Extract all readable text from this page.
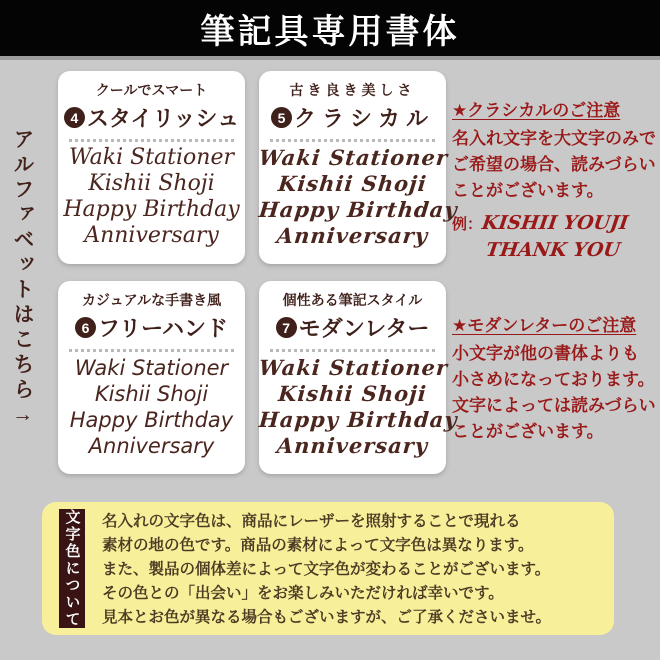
筆記具専用書体
アルファベットはこちら→
クールでスマート
4 スタイリッシュ
Waki Stationer
Kishii Shoji
Happy Birthday
Anniversary
古き良き美しさ
5 クラシカル
Waki Stationer
Kishii Shoji
Happy Birthday
Anniversary
カジュアルな手書き風
6 フリーハンド
Waki Stationer
Kishii Shoji
Happy Birthday
Anniversary
個性ある筆記スタイル
7 モダンレター
Waki Stationer
Kishii Shoji
Happy Birthday
Anniversary
★クラシカルのご注意
名入れ文字を大文字のみで
ご希望の場合、読みづらい
ことがございます。
例：
KISHII YOUJI
THANK YOU
★モダンレターのご注意
小文字が他の書体よりも
小さめになっております。
文字によっては読みづらい
ことがございます。
文字色について 名入れの文字色は、商品にレーザーを照射することで現れる
素材の地の色です。商品の素材によって文字色は異なります。
また、製品の個体差によって文字色が変わることがございます。
その色との「出会い」をお楽しみいただければ幸いです。
見本とお色が異なる場合もございますが、ご了承くださいませ。
